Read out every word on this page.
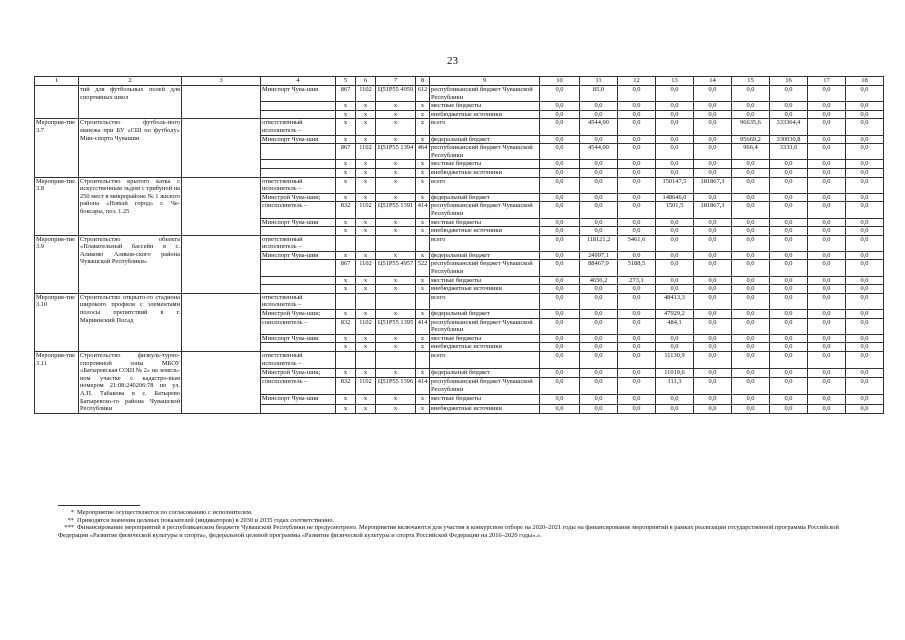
23
1	2	3	4	5	6	7	8	9	10	11	12	13	14	15	16	17	18
	тий для футбольных полей для спортивных школ		Минспорт Чува-шии	867	1102	Ц51Р55 4959	612	республиканский бюджет Чувашской Республики	0,0	85,0	0,0	0,0	0,0	0,0	0,0	0,0	0,0
				x	x	x	x	местные бюджеты	0,0	0,0	0,0	0,0	0,0	0,0	0,0	0,0	0,0
				x	x	x	x	внебюджетные источники	0,0	0,0	0,0	0,0	0,0	0,0	0,0	0,0	0,0
Мероприя-тие 3.7	Строительство футболь-ного манежа при БУ «СШ по футболу» Мин-спорта Чувашии		ответственный исполнитель –	x	x	x	x	всего	0,0	4544,00	0,0	0,0	0,0	96635,6	333364,4	0,0	0,0
			Минспорт Чува-шии	x	x	x	x	федеральный бюджет	0,0	0,0	0,0	0,0	0,0	95669,2	330030,8	0,0	0,0
				867	1102	Ц51Р55 1394	464	республиканский бюджет Чувашской Республики	0,0	4544,00	0,0	0,0	0,0	966,4	3333,6	0,0	0,0
				x	x	x	x	местные бюджеты	0,0	0,0	0,0	0,0	0,0	0,0	0,0	0,0	0,0
				x	x	x	x	внебюджетные источники	0,0	0,0	0,0	0,0	0,0	0,0	0,0	0,0	0,0
Мероприя-тие 3.8	Строительство крытого катка с искусственным льдом с трибуной на 250 мест в микрорайоне № 1 жилого района «Новый город» г. Че-боксары, поз. 1.25		ответственный исполнитель –	x	x	x	x	всего	0,0	0,0	0,0	150147,5	181867,3	0,0	0,0	0,0	0,0
			Минстрой Чува-шии;	x	x	x	x	федеральный бюджет	0,0	0,0	0,0	148646,0	0,0	0,0	0,0	0,0	0,0
			соисполнитель –	832	1102	Ц51Р55 1391	414	республиканский бюджет Чувашской Республики	0,0	0,0	0,0	1501,5	181867,3	0,0	0,0	0,0	0,0
			Минспорт Чува-шии	x	x	x	x	местные бюджеты	0,0	0,0	0,0	0,0	0,0	0,0	0,0	0,0	0,0
				x	x	x	x	внебюджетные источники	0,0	0,0	0,0	0,0	0,0	0,0	0,0	0,0	0,0
Мероприя-тие 3.9	Строительство объекта «Плавательный бассейн в с. Аликово Аликов-ского района Чувашской Республики»		ответственный исполнитель –					всего	0,0	118121,2	5461,6	0,0	0,0	0,0	0,0	0,0	0,0
			Минспорт Чува-шии	x	x	x	x	федеральный бюджет	0,0	24997,1	0,0	0,0	0,0	0,0	0,0	0,0	0,0
				867	1102	Ц51Р55 4957	522	республиканский бюджет Чувашской Республики	0,0	88467,9	5188,5	0,0	0,0	0,0	0,0	0,0	0,0
				x	x	x	x	местные бюджеты	0,0	4656,2	273,1	0,0	0,0	0,0	0,0	0,0	0,0
				x	x	x	x	внебюджетные источники	0,0	0,0	0,0	0,0	0,0	0,0	0,0	0,0	0,0
Мероприя-тие 3.10	Строительство открыто-го стадиона широкого профиля с элементами полосы препятствий в г. Мариинский Посад		ответственный исполнитель –					всего	0,0	0,0	0,0	48413,3	0,0	0,0	0,0	0,0	0,0
			Минстрой Чува-шии;	x	x	x	x	федеральный бюджет	0,0	0,0	0,0	47929,2	0,0	0,0	0,0	0,0	0,0
			соисполнитель –	832	1102	Ц51Р55 1395	414	республиканский бюджет Чувашской Республики	0,0	0,0	0,0	484,1	0,0	0,0	0,0	0,0	0,0
			Минспорт Чува-шии	x	x	x	x	местные бюджеты	0,0	0,0	0,0	0,0	0,0	0,0	0,0	0,0	0,0
				x	x	x	x	внебюджетные источники	0,0	0,0	0,0	0,0	0,0	0,0	0,0	0,0	0,0
Мероприя-тие 3.11	Строительство физкуль-турно-спортивной зоны МБОУ «Батыревская СОШ № 2» на земель-ном участке с кадастро-вым номером 21:08:240206:78 по ул. А.П. Табакова в с. Батырево Батыревско-го района Чувашской Республики		ответственный исполнитель –					всего	0,0	0,0	0,0	11130,9	0,0	0,0	0,0	0,0	0,0
			Минстрой Чува-шии;	x	x	x	x	федеральный бюджет	0,0	0,0	0,0	11019,6	0,0	0,0	0,0	0,0	0,0
			соисполнитель –	832	1102	Ц51Р55 1396	414	республиканский бюджет Чувашской Республики	0,0	0,0	0,0	111,3	0,0	0,0	0,0	0,0	0,0
			Минспорт Чува-шии	x	x	x	x	местные бюджеты	0,0	0,0	0,0	0,0	0,0	0,0	0,0	0,0	0,0
				x	x	x	x	внебюджетные источники	0,0	0,0	0,0	0,0	0,0	0,0	0,0	0,0	0,0

* Мероприятие осуществляется по согласованию с исполнителем.

** Приводятся значения целевых показателей (индикаторов) в 2030 и 2035 годах соответственно.

*** Финансирование мероприятий в республиканском бюджете Чувашской Республики не предусмотрено. Мероприятия включаются для участия в конкурсном отборе на 2020–2021 годы на финансирование мероприятий в рамках реализации государственной программы Российской Федерации «Развитие физической культуры и спорта», федеральной целевой программы «Развитие физической культуры и спорта Российской Федерации на 2016–2020 годы».».
